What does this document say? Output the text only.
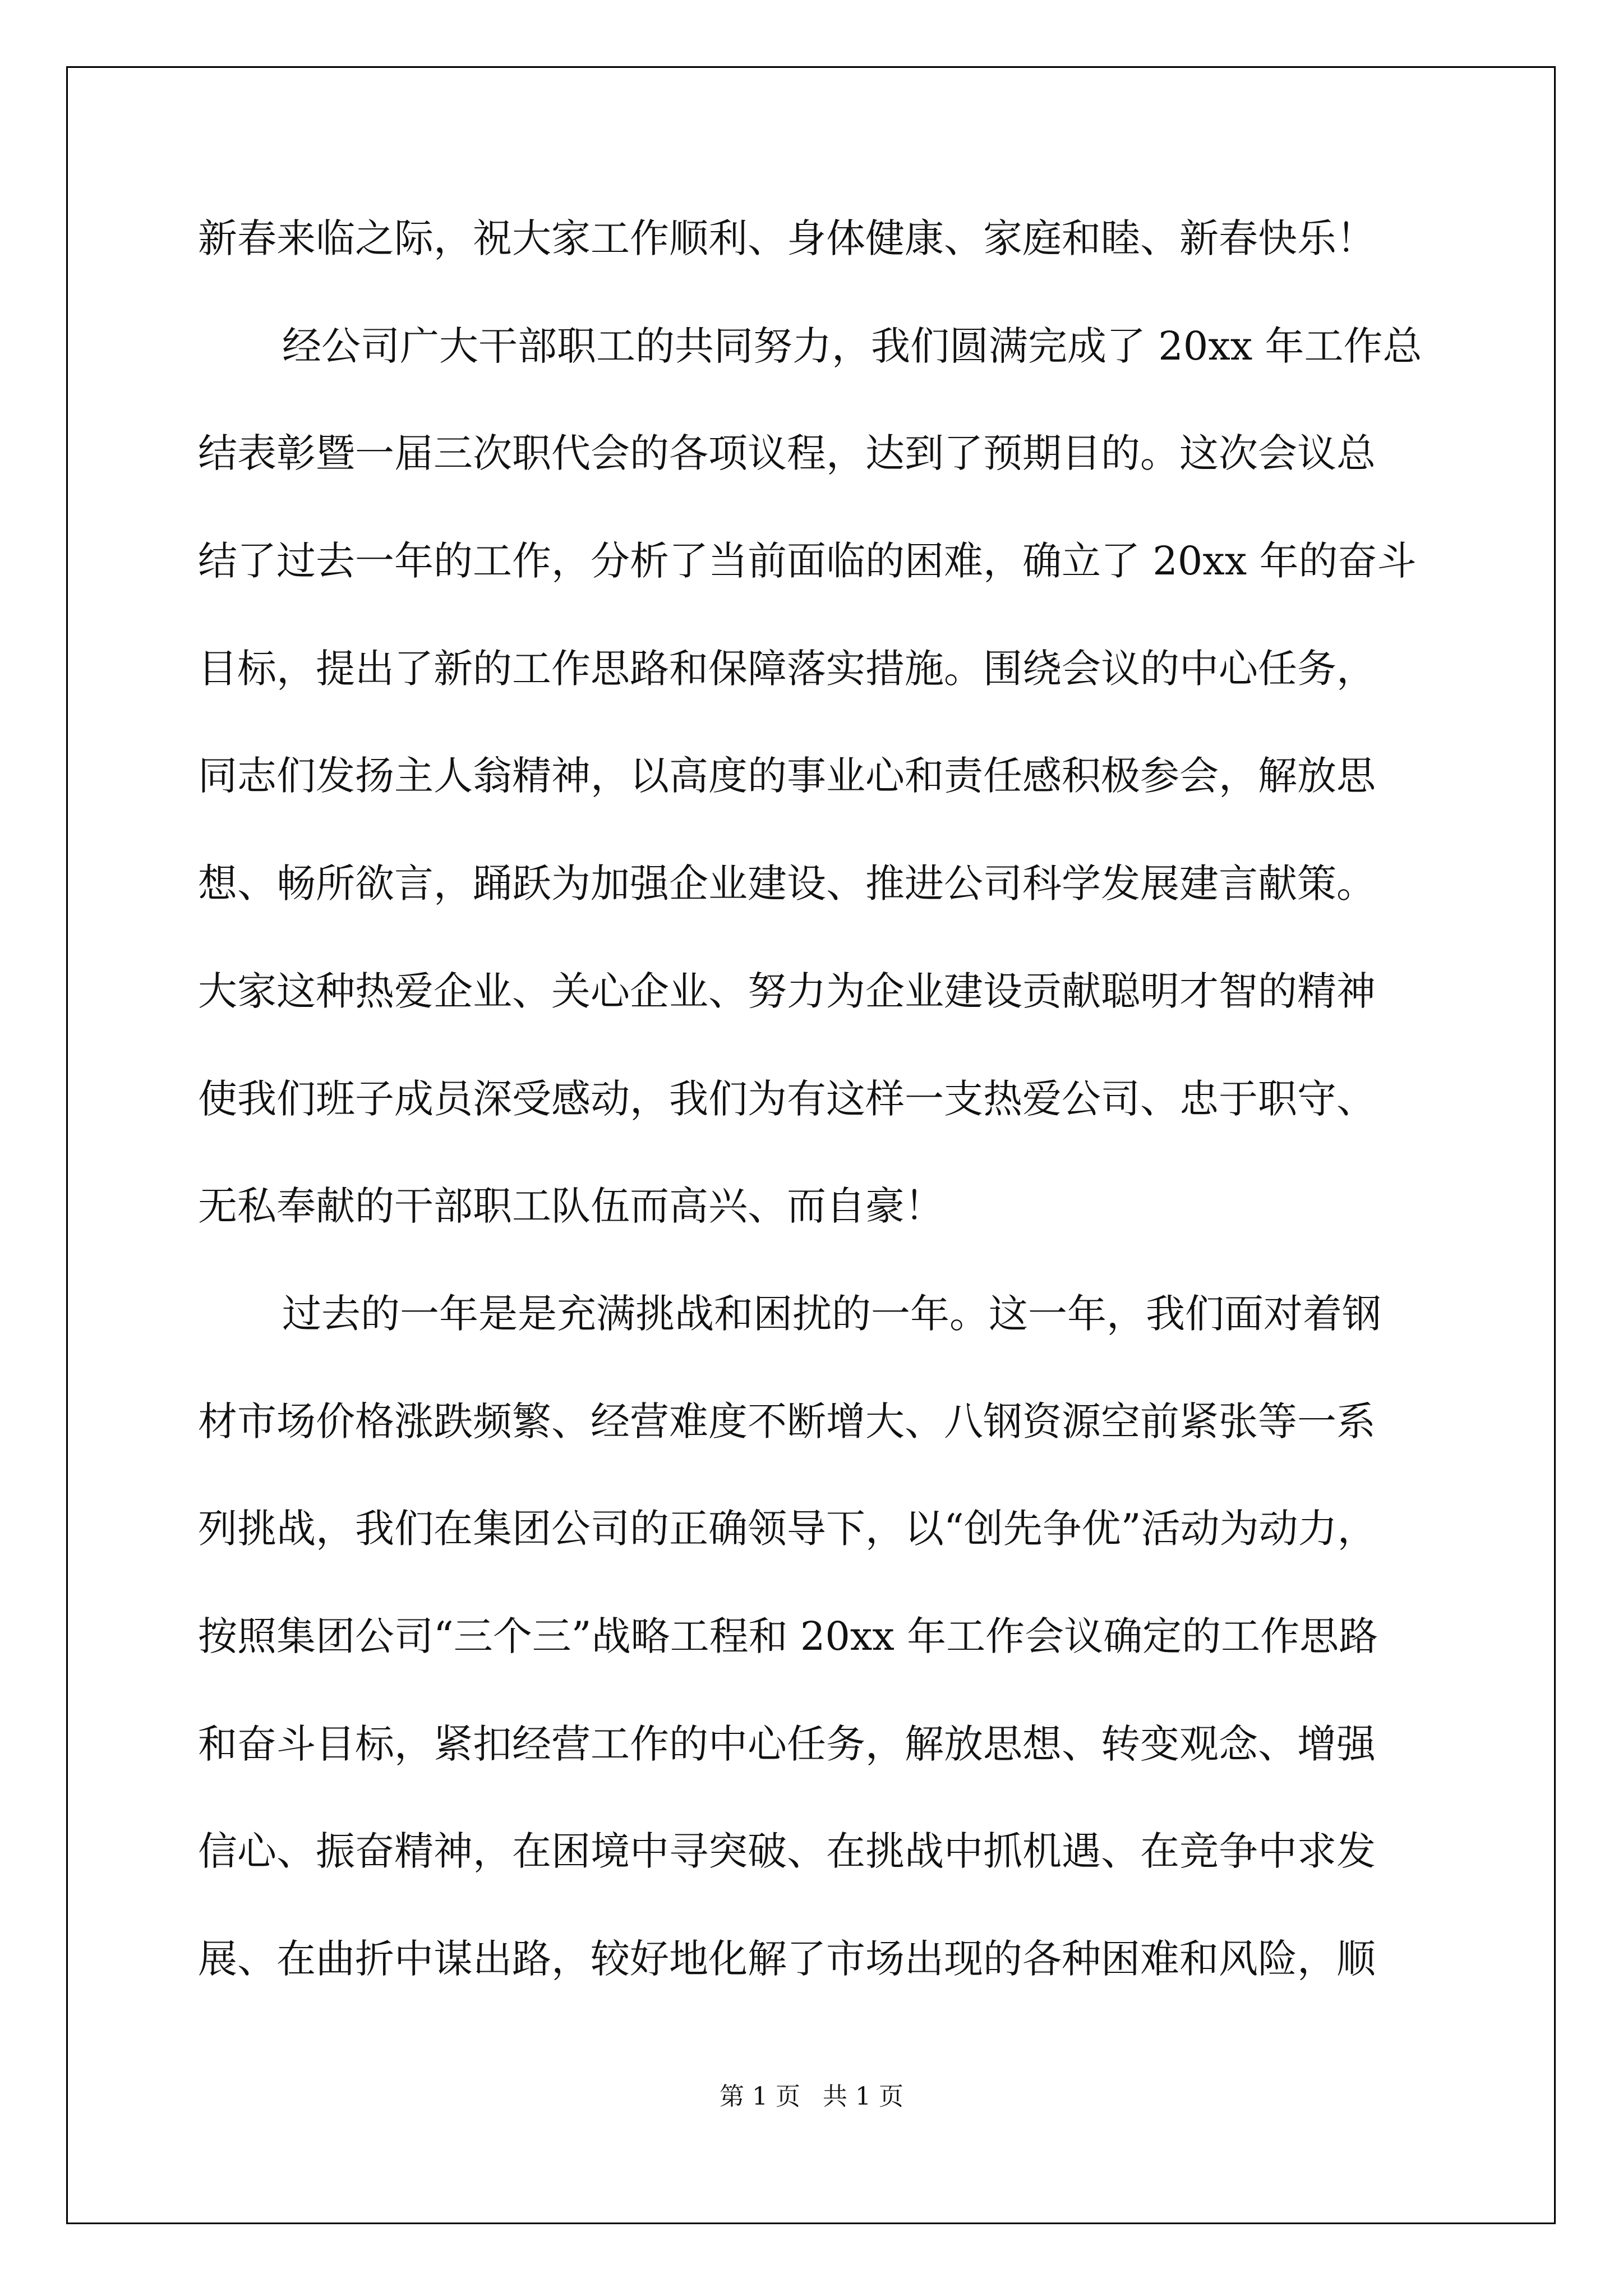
新春来临之际，祝大家工作顺利、身体健康、家庭和睦、新春快乐！
经公司广大干部职工的共同努力，我们圆满完成了 20xx 年工作总
结表彰暨一届三次职代会的各项议程，达到了预期目的。这次会议总
结了过去一年的工作，分析了当前面临的困难，确立了 20xx 年的奋斗
目标，提出了新的工作思路和保障落实措施。围绕会议的中心任务，
同志们发扬主人翁精神，以高度的事业心和责任感积极参会，解放思
想、畅所欲言，踊跃为加强企业建设、推进公司科学发展建言献策。
大家这种热爱企业、关心企业、努力为企业建设贡献聪明才智的精神
使我们班子成员深受感动，我们为有这样一支热爱公司、忠于职守、
无私奉献的干部职工队伍而高兴、而自豪！
过去的一年是是充满挑战和困扰的一年。这一年，我们面对着钢
材市场价格涨跌频繁、经营难度不断增大、八钢资源空前紧张等一系
列挑战，我们在集团公司的正确领导下，以“创先争优”活动为动力，
按照集团公司“三个三”战略工程和 20xx 年工作会议确定的工作思路
和奋斗目标，紧扣经营工作的中心任务，解放思想、转变观念、增强
信心、振奋精神，在困境中寻突破、在挑战中抓机遇、在竞争中求发
展、在曲折中谋出路，较好地化解了市场出现的各种困难和风险，顺
第 1 页 共 1 页
